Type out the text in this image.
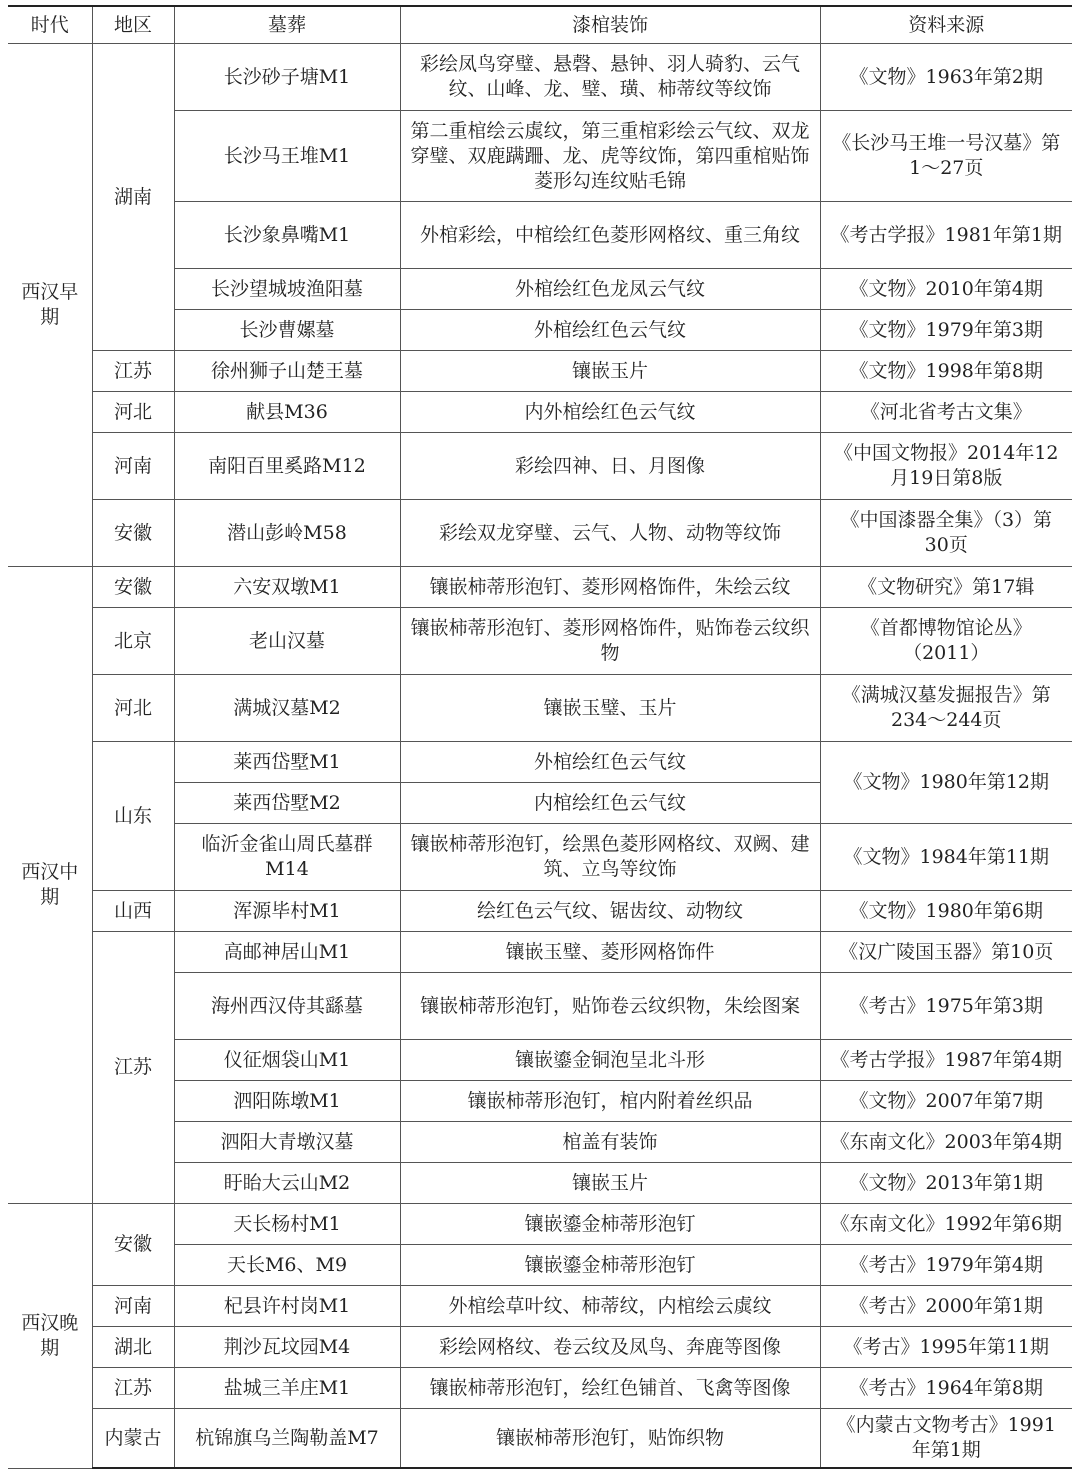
时代	地区	墓葬	漆棺装饰	资料来源
西汉早期	湖南	长沙砂子塘M1	彩绘凤鸟穿璧、悬磬、悬钟、羽人骑豹、云气纹、山峰、龙、璧、璜、柿蒂纹等纹饰	《文物》1963年第2期
		长沙马王堆M1	第二重棺绘云虡纹，第三重棺彩绘云气纹、双龙穿璧、双鹿蹒跚、龙、虎等纹饰，第四重棺贴饰菱形勾连纹贴毛锦	《长沙马王堆一号汉墓》第1～27页
		长沙象鼻嘴M1	外棺彩绘，中棺绘红色菱形网格纹、重三角纹	《考古学报》1981年第1期
		长沙望城坡渔阳墓	外棺绘红色龙凤云气纹	《文物》2010年第4期
		长沙曹嫘墓	外棺绘红色云气纹	《文物》1979年第3期
	江苏	徐州狮子山楚王墓	镶嵌玉片	《文物》1998年第8期
	河北	献县M36	内外棺绘红色云气纹	《河北省考古文集》
	河南	南阳百里奚路M12	彩绘四神、日、月图像	《中国文物报》2014年12月19日第8版
	安徽	潜山彭岭M58	彩绘双龙穿璧、云气、人物、动物等纹饰	《中国漆器全集》（3）第30页
西汉中期	安徽	六安双墩M1	镶嵌柿蒂形泡钉、菱形网格饰件，朱绘云纹	《文物研究》第17辑
	北京	老山汉墓	镶嵌柿蒂形泡钉、菱形网格饰件，贴饰卷云纹织物	《首都博物馆论丛》（2011）
	河北	满城汉墓M2	镶嵌玉璧、玉片	《满城汉墓发掘报告》第234～244页
	山东	莱西岱墅M1	外棺绘红色云气纹	《文物》1980年第12期
		莱西岱墅M2	内棺绘红色云气纹	
		临沂金雀山周氏墓群M14	镶嵌柿蒂形泡钉，绘黑色菱形网格纹、双阙、建筑、立鸟等纹饰	《文物》1984年第11期
	山西	浑源毕村M1	绘红色云气纹、锯齿纹、动物纹	《文物》1980年第6期
	江苏	高邮神居山M1	镶嵌玉璧、菱形网格饰件	《汉广陵国玉器》第10页
		海州西汉侍其繇墓	镶嵌柿蒂形泡钉，贴饰卷云纹织物，朱绘图案	《考古》1975年第3期
		仪征烟袋山M1	镶嵌鎏金铜泡呈北斗形	《考古学报》1987年第4期
		泗阳陈墩M1	镶嵌柿蒂形泡钉，棺内附着丝织品	《文物》2007年第7期
		泗阳大青墩汉墓	棺盖有装饰	《东南文化》2003年第4期
		盱眙大云山M2	镶嵌玉片	《文物》2013年第1期
西汉晚期	安徽	天长杨村M1	镶嵌鎏金柿蒂形泡钉	《东南文化》1992年第6期
		天长M6、M9	镶嵌鎏金柿蒂形泡钉	《考古》1979年第4期
	河南	杞县许村岗M1	外棺绘草叶纹、柿蒂纹，内棺绘云虡纹	《考古》2000年第1期
	湖北	荆沙瓦坟园M4	彩绘网格纹、卷云纹及凤鸟、奔鹿等图像	《考古》1995年第11期
	江苏	盐城三羊庄M1	镶嵌柿蒂形泡钉，绘红色铺首、飞禽等图像	《考古》1964年第8期
	内蒙古	杭锦旗乌兰陶勒盖M7	镶嵌柿蒂形泡钉，贴饰织物	《内蒙古文物考古》1991年第1期
